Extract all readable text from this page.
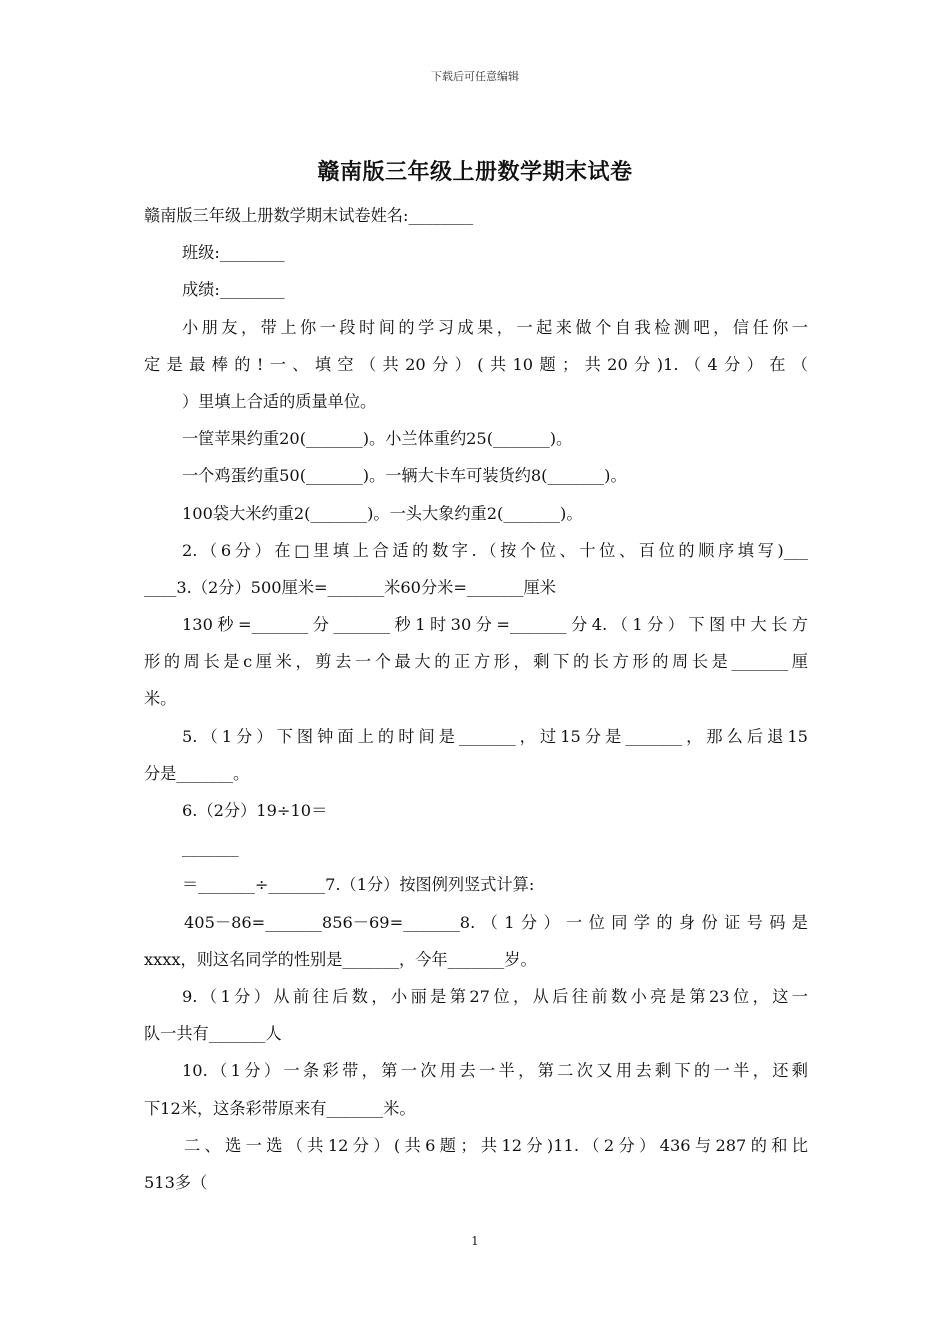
下载后可任意编辑
赣南版三年级上册数学期末试卷
赣南版三年级上册数学期末试卷姓名:________
班级:________
成绩:________
小朋友，带上你一段时间的学习成果，一起来做个自我检测吧，信任你一
定是最棒的!一、填空（共20分）(共10题；共20分)1.（4分）在（
）里填上合适的质量单位。
一筐苹果约重20(_______)。小兰体重约25(_______)。
一个鸡蛋约重50(_______)。一辆大卡车可装货约8(_______)。
100袋大米约重2(_______)。一头大象约重2(_______)。
2.（6分）在□里填上合适的数字.（按个位、十位、百位的顺序填写)___
____3.（2分）500厘米=_______米60分米=_______厘米
130秒=_______分_______秒1时30分=_______分4.（1分）下图中大长方
形的周长是c厘米，剪去一个最大的正方形，剩下的长方形的周长是_______厘
米。
5.（1分）下图钟面上的时间是_______，过15分是_______，那么后退15
分是_______。
6.（2分）19÷10＝
_______
＝_______÷_______7.（1分）按图例列竖式计算:
405－86=_______856－69=_______8.（1分）一位同学的身份证号码是
xxxx，则这名同学的性别是_______，今年_______岁。
9.（1分）从前往后数，小丽是第27位，从后往前数小亮是第23位，这一
队一共有_______人
10.（1分）一条彩带，第一次用去一半，第二次又用去剩下的一半，还剩
下12米，这条彩带原来有_______米。
二、选一选（共12分）(共6题；共12分)11.（2分）436与287的和比
513多（
1
